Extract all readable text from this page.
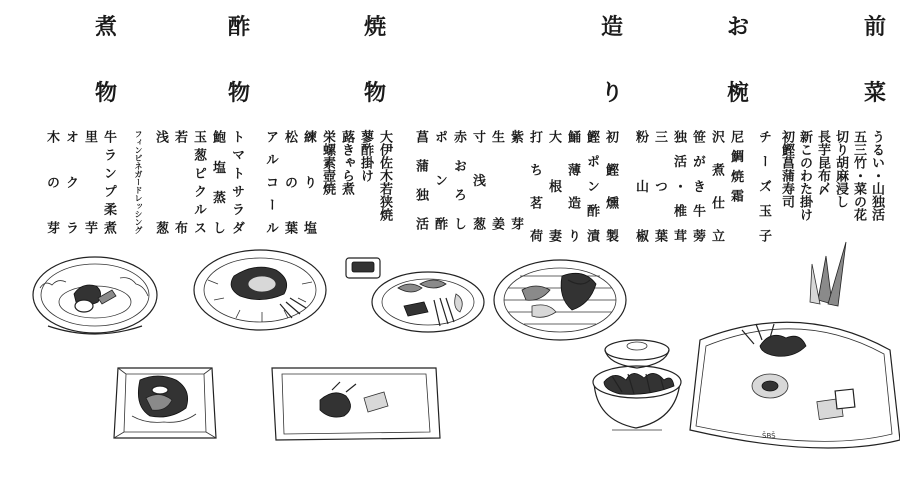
前
お
造
焼
酢
煮
菜
椀
り
物
物
物
うるい・山独活
五三竹・菜の花
切り胡麻浸し
長芋昆布〆
新このわた掛け
初鰹菖蒲寿司
チーズ玉子
尼鯛焼霜
沢煮仕立
笹がき牛蒡
独活・椎茸
三つ葉
粉山椒
初鰹燻製
鰹ポン酢漬
鯒薄造り
大根妻
打ち茗荷
紫芽
生姜
寸浅葱
赤おろし
ポン酢
菖蒲独活
大伊佐木若狭焼
蓼酢掛け
蕗きゃら煮
栄螺素壺焼
練り塩
松の葉
アルコール
トマトサラダ
鮑塩蒸し
玉葱ピクルス
若布
浅葱
フィンビネガードレッシング
牛ランプ柔煮
里芋
オクラ
木の芽
ŠBŠ
